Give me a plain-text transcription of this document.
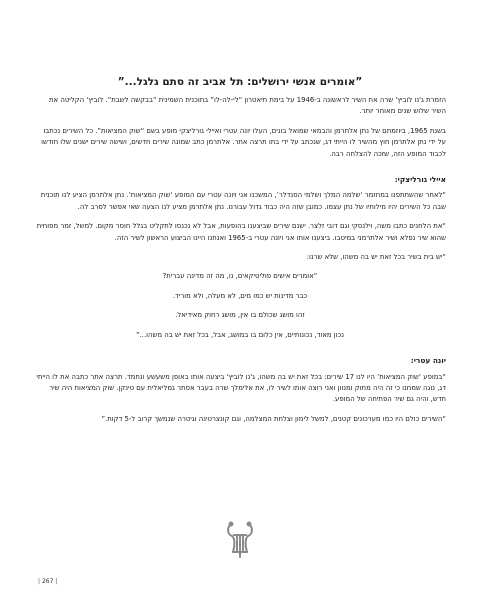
”אומרים אנשי ירושלים: תל אביב זה סתם גלגל...”

הזמרת ג'נו לוביץ' שרה את השיר לראשונה ב-1946 על בימת תיאטרון “לי-לה-לו” בתוכנית השמינית “בבקשה לשבת”. לוביץ' הקליטה את השיר שלוש שנים מאוחר יותר.

בשנת 1965, ביוזמתם של נתן אלתרמן והבמאי שמואל בונים, העלו יונה עטרי ואיילי גורליצקי מופע בשם “שוק המציאות”. כל השירים נכתבו על ידי נתן אלתרמן חוץ מהשיר לו הייתי דג, שנכתב על ידי בתו תרצה אתר. אלתרמן כתב שמונה שירים חדשים, ושישה שירים ישנים שלו חודשו לכבוד המופע הזה, שזכה להצלחה רבה.

איילי גורליצקי:

“לאחר שהשתתפנו במחזמר ‘שלמה המלך ושלמי הסנדלר’, המשכנו אני ויונה עטרי עם המופע ‘שוק המציאות’. נתן אלתרמן הציע לנו תוכנית שבה כל השירים יהיו מילותיו של נתן עצמו. כמובן שזה היה כבוד גדול עבורנו. נתן אלתרמן מציע לנו הצעה שאי אפשר לסרב לה.

“את הלחנים כתבו משה, וילנסקי וגם דובי זלצר. ישנם שירים שביצענו בהופעות, אבל לא נכנסו לתקליט בגלל חוסר מקום. למשל, זמר מפוחית שהוא שיר נפלא ושיר אלתרמני במיטבו. ביצענו אותו אני ויונה עטרי ב-1965 ואנחנו היינו הביצוע הראשון לשיר הזה.

“יש בית בשיר בכל זאת יש בה משהו, שלא שרנו:

“אומרים אישים פוליטיקאים, נו, מה זה מדינה עברית?

כבר מדינות יש כמו מים, לא מעלה, ולא מוריד.

זהו מושג שכולם בו אין, מושג רחוק מאידיאל.

נכון מאוד, נכונותיים, אין כלום בו במושג, אבל, בכל זאת יש בה משהו...”

יונה עטרי:

“במופע ‘שוק המציאות’ היו לנו 17 שירים: בכל זאת יש בה משהו, ג'נו לוביץ' ביצעה אותו באופן משעשע ונחמד. תרצה אתר כתבה את לו הייתי דג, נוגה שמחנו כי זה היה מתוק ומנוון ואני רוצה אותו לשיר לו, את אלימלך שרה בעבר אסתר גמליאלית עם טינקן. שוק המציאות היה שיר חדש, והיה גם שיר הפתיחה של המופע.

“השירים כולם היו כמו מערכונים קטנים, למשל לימון וצלחת המצלמה, וגם קונצרטינה וגיטרה שנמשך קרוב ל-5 דקות.”

| 267 |
